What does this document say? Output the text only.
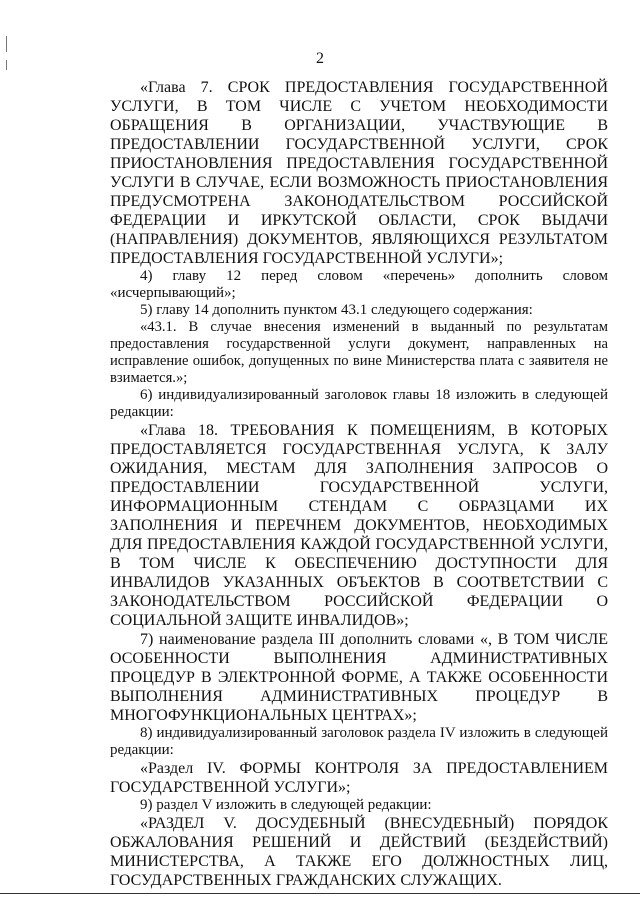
2

«Глава 7. СРОК ПРЕДОСТАВЛЕНИЯ ГОСУДАРСТВЕННОЙ УСЛУГИ, В ТОМ ЧИСЛЕ С УЧЕТОМ НЕОБХОДИМОСТИ ОБРАЩЕНИЯ В ОРГАНИЗАЦИИ, УЧАСТВУЮЩИЕ В ПРЕДОСТАВЛЕНИИ ГОСУДАРСТВЕННОЙ УСЛУГИ, СРОК ПРИОСТАНОВЛЕНИЯ ПРЕДОСТАВЛЕНИЯ ГОСУДАРСТВЕННОЙ УСЛУГИ В СЛУЧАЕ, ЕСЛИ ВОЗМОЖНОСТЬ ПРИОСТАНОВЛЕНИЯ ПРЕДУСМОТРЕНА ЗАКОНОДАТЕЛЬСТВОМ РОССИЙСКОЙ ФЕДЕРАЦИИ И ИРКУТСКОЙ ОБЛАСТИ, СРОК ВЫДАЧИ (НАПРАВЛЕНИЯ) ДОКУМЕНТОВ, ЯВЛЯЮЩИХСЯ РЕЗУЛЬТАТОМ ПРЕДОСТАВЛЕНИЯ ГОСУДАРСТВЕННОЙ УСЛУГИ»;

4) главу 12 перед словом «перечень» дополнить словом «исчерпывающий»;

5) главу 14 дополнить пунктом 43.1 следующего содержания:

«43.1. В случае внесения изменений в выданный по результатам предоставления государственной услуги документ, направленных на исправление ошибок, допущенных по вине Министерства плата с заявителя не взимается.»;

6) индивидуализированный заголовок главы 18 изложить в следующей редакции:

«Глава 18. ТРЕБОВАНИЯ К ПОМЕЩЕНИЯМ, В КОТОРЫХ ПРЕДОСТАВЛЯЕТСЯ ГОСУДАРСТВЕННАЯ УСЛУГА, К ЗАЛУ ОЖИДАНИЯ, МЕСТАМ ДЛЯ ЗАПОЛНЕНИЯ ЗАПРОСОВ О ПРЕДОСТАВЛЕНИИ ГОСУДАРСТВЕННОЙ УСЛУГИ, ИНФОРМАЦИОННЫМ СТЕНДАМ С ОБРАЗЦАМИ ИХ ЗАПОЛНЕНИЯ И ПЕРЕЧНЕМ ДОКУМЕНТОВ, НЕОБХОДИМЫХ ДЛЯ ПРЕДОСТАВЛЕНИЯ КАЖДОЙ ГОСУДАРСТВЕННОЙ УСЛУГИ, В ТОМ ЧИСЛЕ К ОБЕСПЕЧЕНИЮ ДОСТУПНОСТИ ДЛЯ ИНВАЛИДОВ УКАЗАННЫХ ОБЪЕКТОВ В СООТВЕТСТВИИ С ЗАКОНОДАТЕЛЬСТВОМ РОССИЙСКОЙ ФЕДЕРАЦИИ О СОЦИАЛЬНОЙ ЗАЩИТЕ ИНВАЛИДОВ»;

7) наименование раздела III дополнить словами «, В ТОМ ЧИСЛЕ ОСОБЕННОСТИ ВЫПОЛНЕНИЯ АДМИНИСТРАТИВНЫХ ПРОЦЕДУР В ЭЛЕКТРОННОЙ ФОРМЕ, А ТАКЖЕ ОСОБЕННОСТИ ВЫПОЛНЕНИЯ АДМИНИСТРАТИВНЫХ ПРОЦЕДУР В МНОГОФУНКЦИОНАЛЬНЫХ ЦЕНТРАХ»;

8) индивидуализированный заголовок раздела IV изложить в следующей редакции:

«Раздел IV. ФОРМЫ КОНТРОЛЯ ЗА ПРЕДОСТАВЛЕНИЕМ ГОСУДАРСТВЕННОЙ УСЛУГИ»;

9) раздел V изложить в следующей редакции:

«РАЗДЕЛ V. ДОСУДЕБНЫЙ (ВНЕСУДЕБНЫЙ) ПОРЯДОК ОБЖАЛОВАНИЯ РЕШЕНИЙ И ДЕЙСТВИЙ (БЕЗДЕЙСТВИЙ) МИНИСТЕРСТВА, А ТАКЖЕ ЕГО ДОЛЖНОСТНЫХ ЛИЦ, ГОСУДАРСТВЕННЫХ ГРАЖДАНСКИХ СЛУЖАЩИХ.
